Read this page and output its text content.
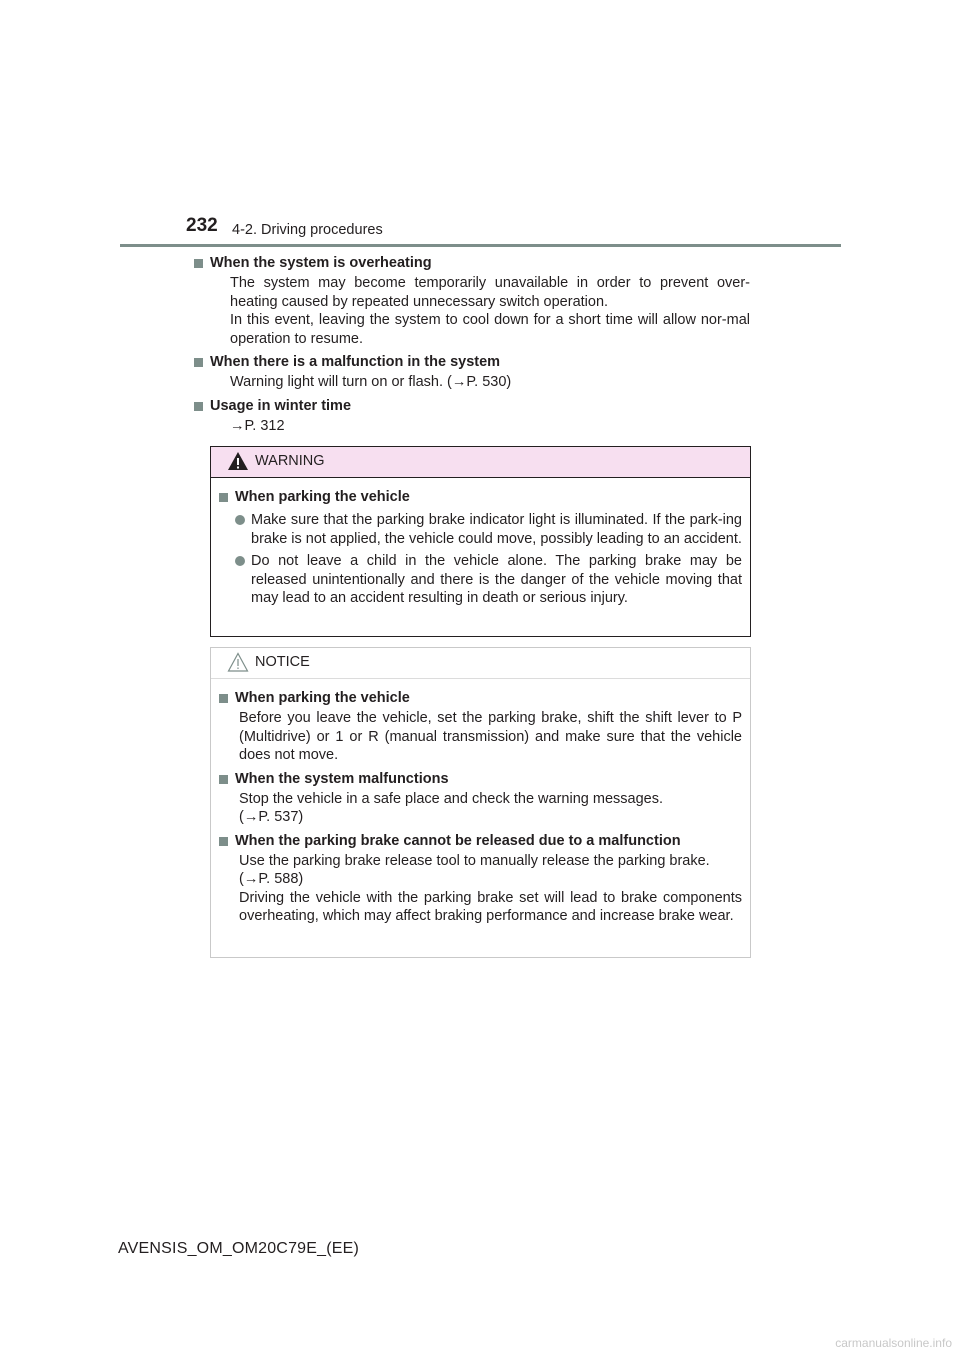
232 4-2. Driving procedures
When the system is overheating

The system may become temporarily unavailable in order to prevent over-heating caused by repeated unnecessary switch operation.

In this event, leaving the system to cool down for a short time will allow nor-mal operation to resume.

When there is a malfunction in the system

Warning light will turn on or flash. (→P. 530)

Usage in winter time

→P. 312

WARNING
When parking the vehicle
Make sure that the parking brake indicator light is illuminated. If the park-ing brake is not applied, the vehicle could move, possibly leading to an accident.
Do not leave a child in the vehicle alone. The parking brake may be released unintentionally and there is the danger of the vehicle moving that may lead to an accident resulting in death or serious injury.
NOTICE
When parking the vehicle

Before you leave the vehicle, set the parking brake, shift the shift lever to P (Multidrive) or 1 or R (manual transmission) and make sure that the vehicle does not move.

When the system malfunctions

Stop the vehicle in a safe place and check the warning messages.

(→P. 537)

When the parking brake cannot be released due to a malfunction

Use the parking brake release tool to manually release the parking brake.

(→P. 588)

Driving the vehicle with the parking brake set will lead to brake components overheating, which may affect braking performance and increase brake wear.

AVENSIS_OM_OM20C79E_(EE)
carmanualsonline.info
